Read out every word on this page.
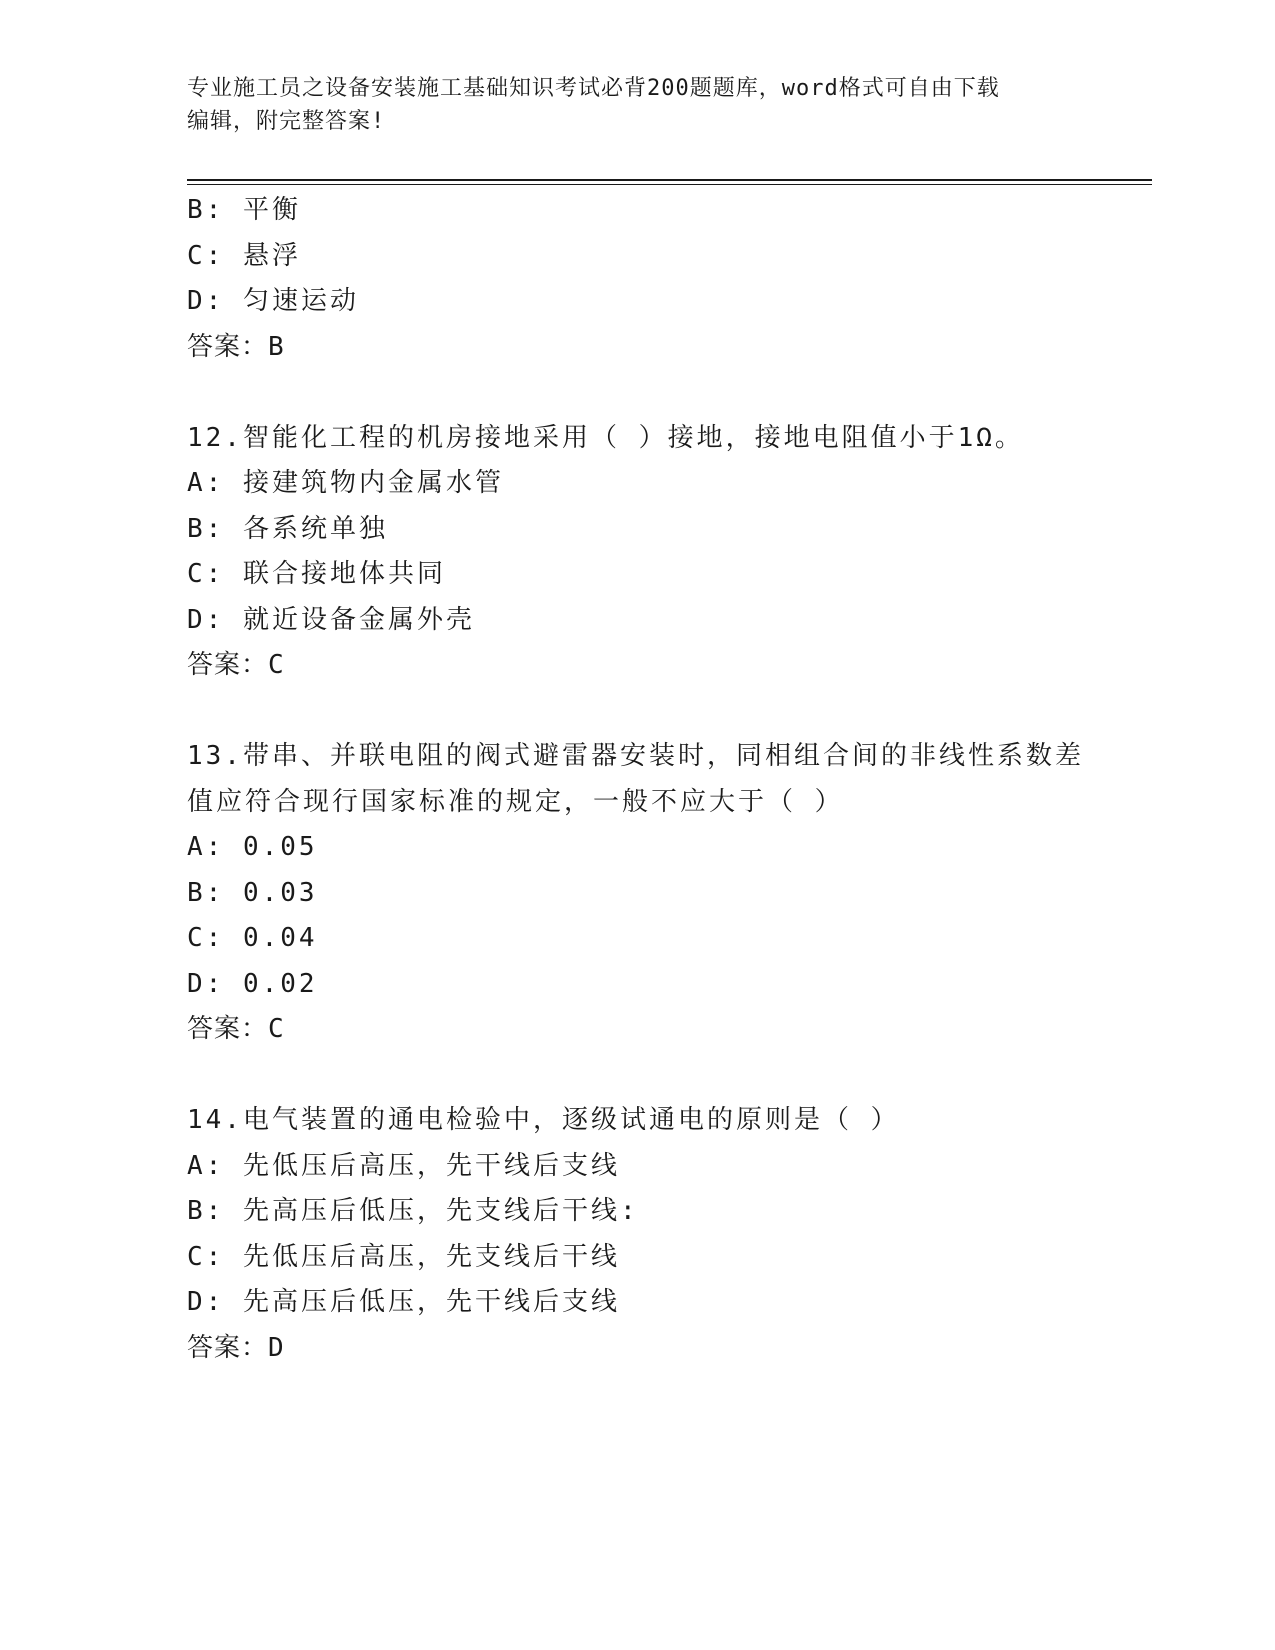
专业施工员之设备安装施工基础知识考试必背200题题库，word格式可自由下载
编辑，附完整答案!
B: 平衡
C: 悬浮
D: 匀速运动
答案：B
12.智能化工程的机房接地采用（ ）接地，接地电阻值小于1Ω。
A: 接建筑物内金属水管
B: 各系统单独
C: 联合接地体共同
D: 就近设备金属外壳
答案：C
13.带串、并联电阻的阀式避雷器安装时，同相组合间的非线性系数差
值应符合现行国家标准的规定，一般不应大于（ ）
A: 0.05
B: 0.03
C: 0.04
D: 0.02
答案：C
14.电气装置的通电检验中，逐级试通电的原则是（ ）
A: 先低压后高压，先干线后支线
B: 先高压后低压，先支线后干线:
C: 先低压后高压，先支线后干线
D: 先高压后低压，先干线后支线
答案：D
